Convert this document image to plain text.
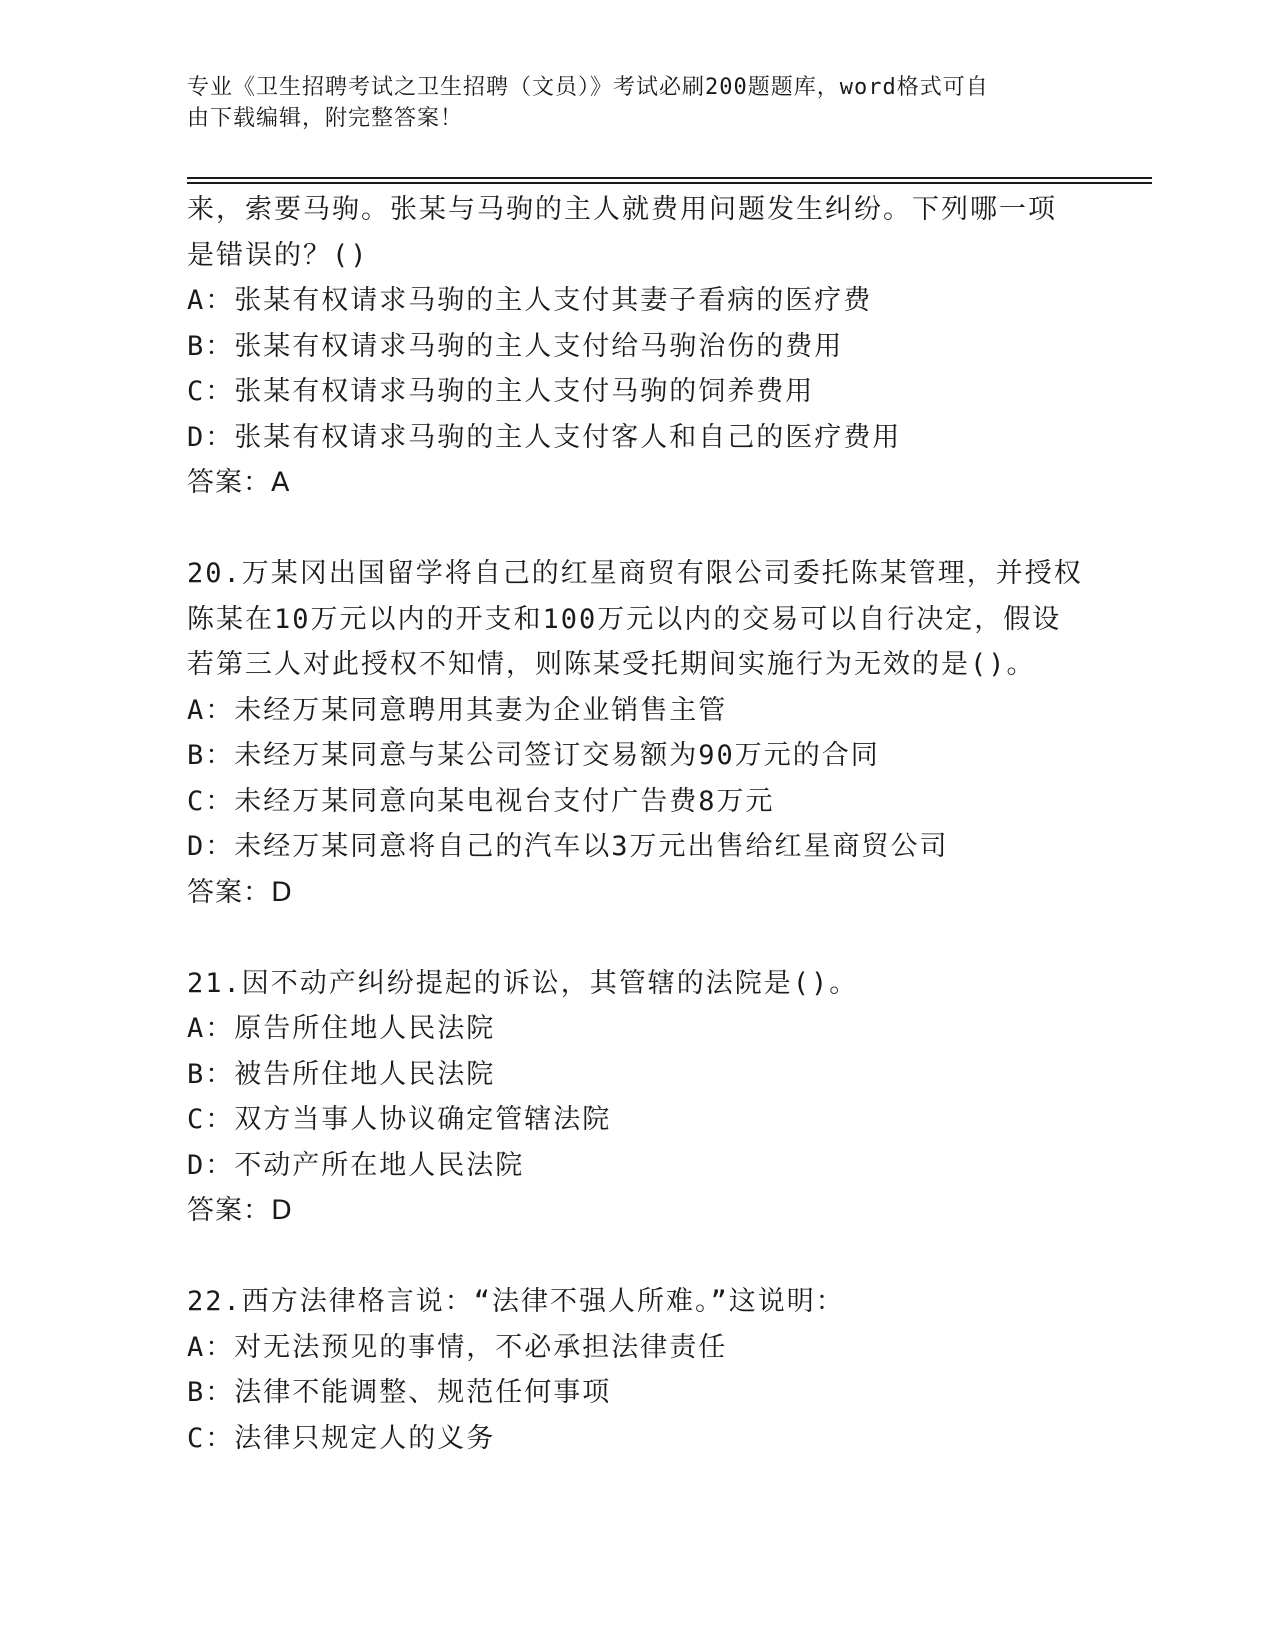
专业《卫生招聘考试之卫生招聘（文员）》考试必刷200题题库，word格式可自
由下载编辑，附完整答案！
来，索要马驹。张某与马驹的主人就费用问题发生纠纷。下列哪一项
是错误的？()
A：张某有权请求马驹的主人支付其妻子看病的医疗费
B：张某有权请求马驹的主人支付给马驹治伤的费用
C：张某有权请求马驹的主人支付马驹的饲养费用
D：张某有权请求马驹的主人支付客人和自己的医疗费用
答案：A
20.万某冈出国留学将自己的红星商贸有限公司委托陈某管理，并授权
陈某在10万元以内的开支和100万元以内的交易可以自行决定，假设
若第三人对此授权不知情，则陈某受托期间实施行为无效的是()。
A：未经万某同意聘用其妻为企业销售主管
B：未经万某同意与某公司签订交易额为90万元的合同
C：未经万某同意向某电视台支付广告费8万元
D：未经万某同意将自己的汽车以3万元出售给红星商贸公司
答案：D
21.因不动产纠纷提起的诉讼，其管辖的法院是()。
A：原告所住地人民法院
B：被告所住地人民法院
C：双方当事人协议确定管辖法院
D：不动产所在地人民法院
答案：D
22.西方法律格言说：“法律不强人所难。”这说明：
A：对无法预见的事情，不必承担法律责任
B：法律不能调整、规范任何事项
C：法律只规定人的义务
